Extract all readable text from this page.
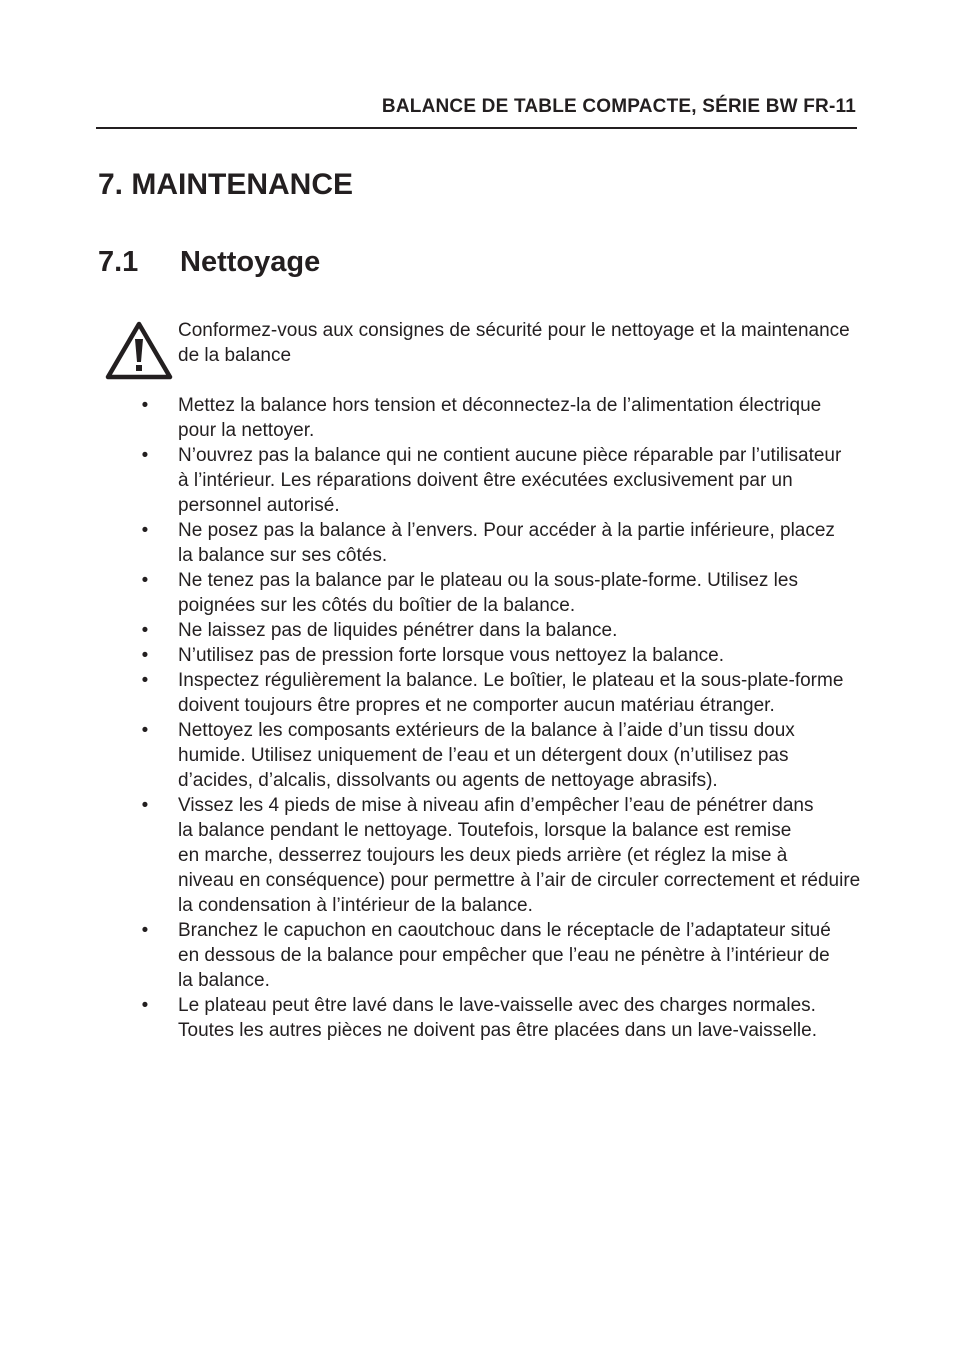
BALANCE DE TABLE COMPACTE, SÉRIE BW FR-11
7. MAINTENANCE
7.1 Nettoyage
Conformez-vous aux consignes de sécurité pour le nettoyage et la maintenance
de la balance
• Mettez la balance hors tension et déconnectez-la de l’alimentation électrique
pour la nettoyer.
• N’ouvrez pas la balance qui ne contient aucune pièce réparable par l’utilisateur
à l’intérieur. Les réparations doivent être exécutées exclusivement par un
personnel autorisé.
• Ne posez pas la balance à l’envers. Pour accéder à la partie inférieure, placez
la balance sur ses côtés.
• Ne tenez pas la balance par le plateau ou la sous-plate-forme. Utilisez les
poignées sur les côtés du boîtier de la balance.
• Ne laissez pas de liquides pénétrer dans la balance.
• N’utilisez pas de pression forte lorsque vous nettoyez la balance.
• Inspectez régulièrement la balance. Le boîtier, le plateau et la sous-plate-forme
doivent toujours être propres et ne comporter aucun matériau étranger.
• Nettoyez les composants extérieurs de la balance à l’aide d’un tissu doux
humide. Utilisez uniquement de l’eau et un détergent doux (n’utilisez pas
d’acides, d’alcalis, dissolvants ou agents de nettoyage abrasifs).
• Vissez les 4 pieds de mise à niveau afin d’empêcher l’eau de pénétrer dans
la balance pendant le nettoyage. Toutefois, lorsque la balance est remise
en marche, desserrez toujours les deux pieds arrière (et réglez la mise à
niveau en conséquence) pour permettre à l’air de circuler correctement et réduire
la condensation à l’intérieur de la balance.
• Branchez le capuchon en caoutchouc dans le réceptacle de l’adaptateur situé
en dessous de la balance pour empêcher que l’eau ne pénètre à l’intérieur de
la balance.
• Le plateau peut être lavé dans le lave-vaisselle avec des charges normales.
Toutes les autres pièces ne doivent pas être placées dans un lave-vaisselle.
